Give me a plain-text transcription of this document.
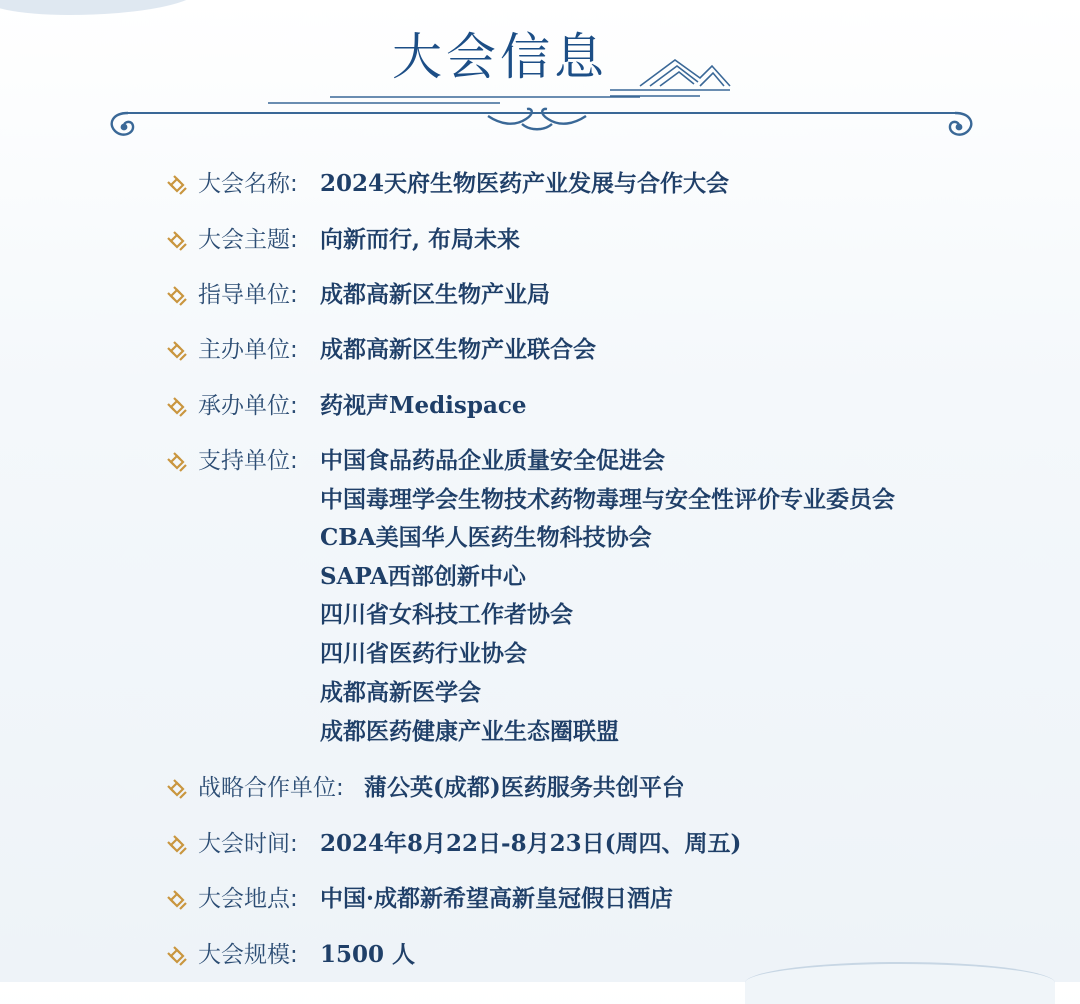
大会信息
大会名称: 2024天府生物医药产业发展与合作大会
大会主题: 向新而行, 布局未来
指导单位: 成都高新区生物产业局
主办单位: 成都高新区生物产业联合会
承办单位: 药视声Medispace
支持单位: 中国食品药品企业质量安全促进会
中国毒理学会生物技术药物毒理与安全性评价专业委员会
CBA美国华人医药生物科技协会
SAPA西部创新中心
四川省女科技工作者协会
四川省医药行业协会
成都高新医学会
成都医药健康产业生态圈联盟
战略合作单位: 蒲公英(成都)医药服务共创平台
大会时间: 2024年8月22日-8月23日(周四、周五)
大会地点: 中国·成都新希望高新皇冠假日酒店
大会规模: 1500 人
